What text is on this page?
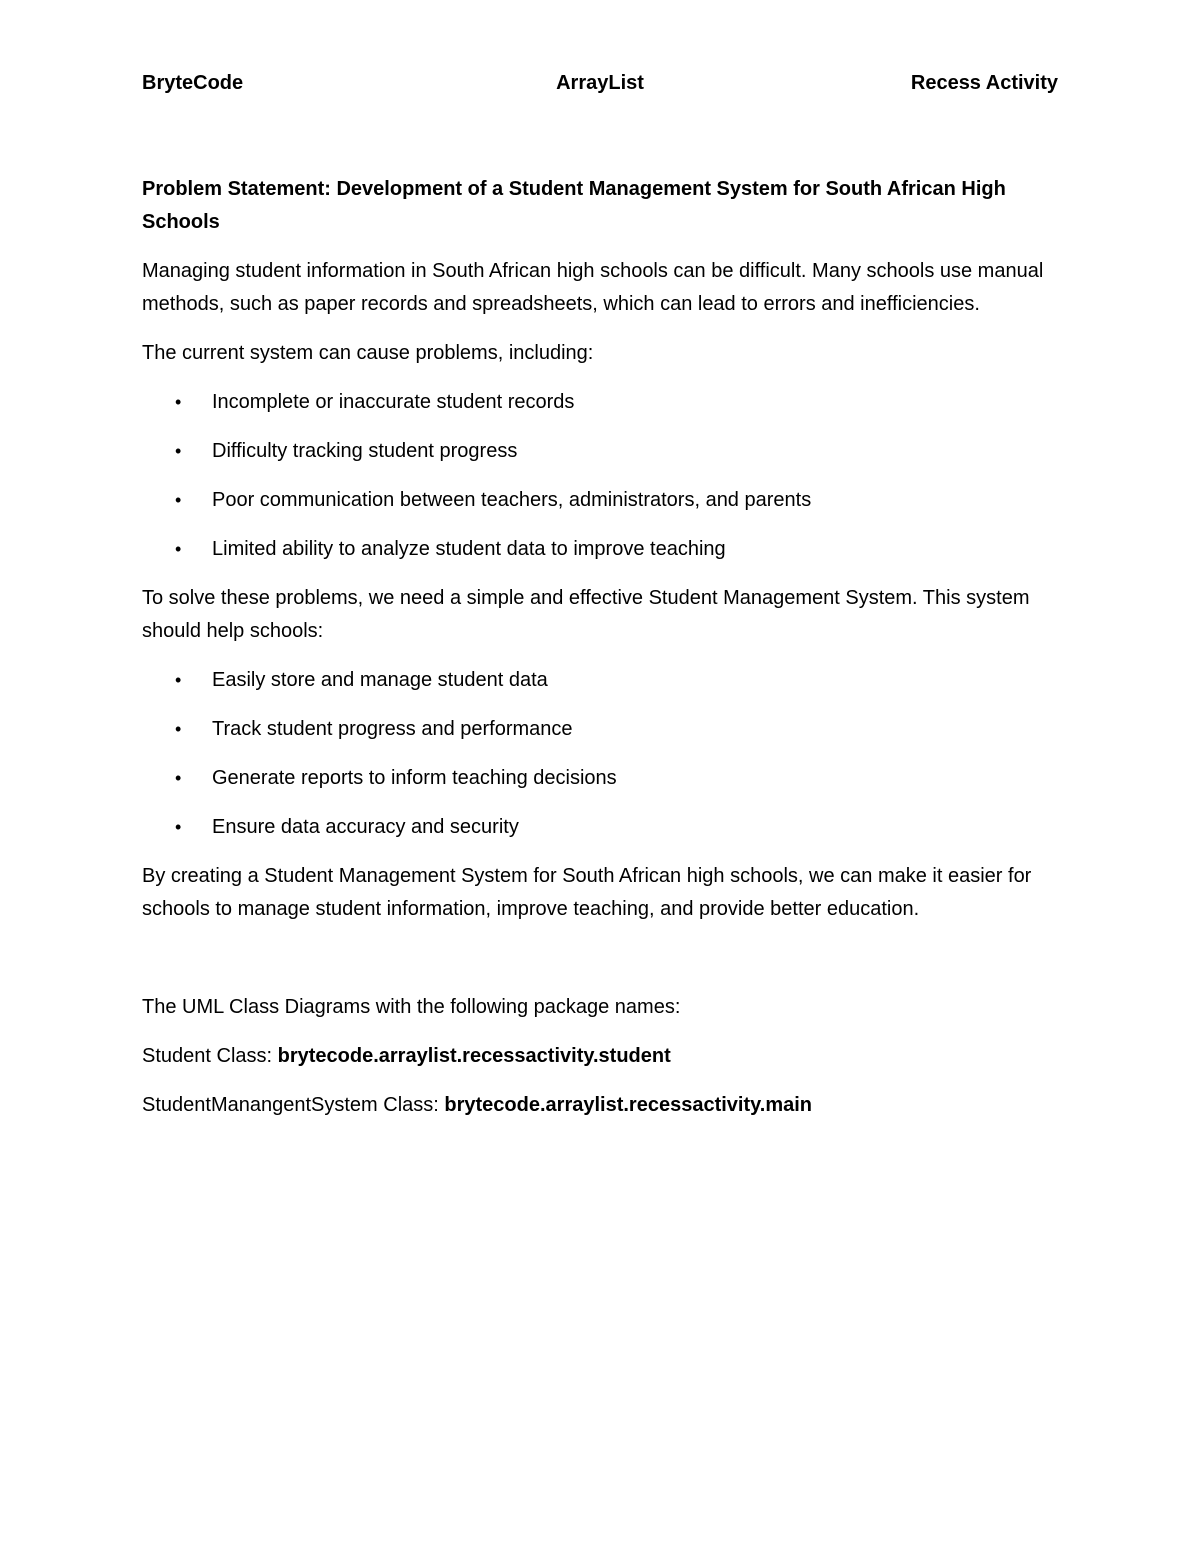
BryteCode	ArrayList	Recess Activity

Problem Statement: Development of a Student Management System for South African High Schools

Managing student information in South African high schools can be difficult. Many schools use manual methods, such as paper records and spreadsheets, which can lead to errors and inefficiencies.

The current system can cause problems, including:

• Incomplete or inaccurate student records
• Difficulty tracking student progress
• Poor communication between teachers, administrators, and parents
• Limited ability to analyze student data to improve teaching

To solve these problems, we need a simple and effective Student Management System. This system should help schools:

• Easily store and manage student data
• Track student progress and performance
• Generate reports to inform teaching decisions
• Ensure data accuracy and security

By creating a Student Management System for South African high schools, we can make it easier for schools to manage student information, improve teaching, and provide better education.

The UML Class Diagrams with the following package names:

Student Class: brytecode.arraylist.recessactivity.student

StudentManangentSystem Class: brytecode.arraylist.recessactivity.main
